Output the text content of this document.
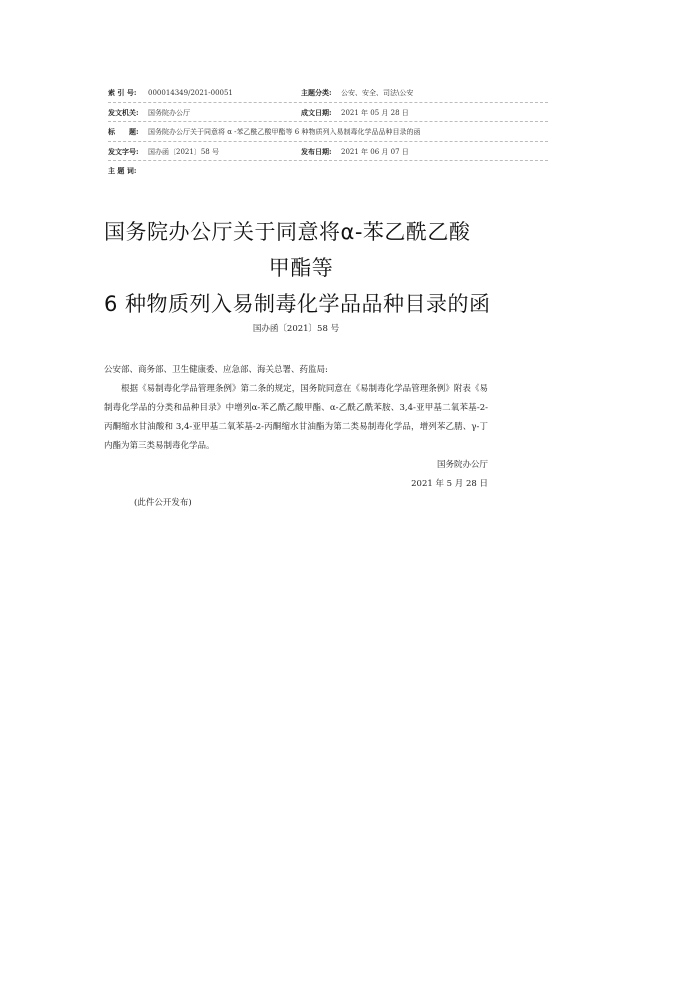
索 引 号: 000014349/2021-00051	主题分类: 公安、安全、司法\公安
发文机关: 国务院办公厅	成文日期: 2021 年 05 月 28 日
标　　题: 国务院办公厅关于同意将 α -苯乙酰乙酸甲酯等 6 种物质列入易制毒化学品品种目录的函
发文字号: 国办函〔2021〕58 号	发布日期: 2021 年 06 月 07 日
主 题 词:
国务院办公厅关于同意将α-苯乙酰乙酸
甲酯等
6 种物质列入易制毒化学品品种目录的函
国办函〔2021〕58 号

公安部、商务部、卫生健康委、应急部、海关总署、药监局:

根据《易制毒化学品管理条例》第二条的规定，国务院同意在《易制毒化学品管理条例》附表《易制毒化学品的分类和品种目录》中增列α-苯乙酰乙酸甲酯、α-乙酰乙酰苯胺、3,4-亚甲基二氧苯基-2-丙酮缩水甘油酸和 3,4-亚甲基二氧苯基-2-丙酮缩水甘油酯为第二类易制毒化学品，增列苯乙腈、γ-丁内酯为第三类易制毒化学品。

国务院办公厅

2021 年 5 月 28 日

(此件公开发布)
